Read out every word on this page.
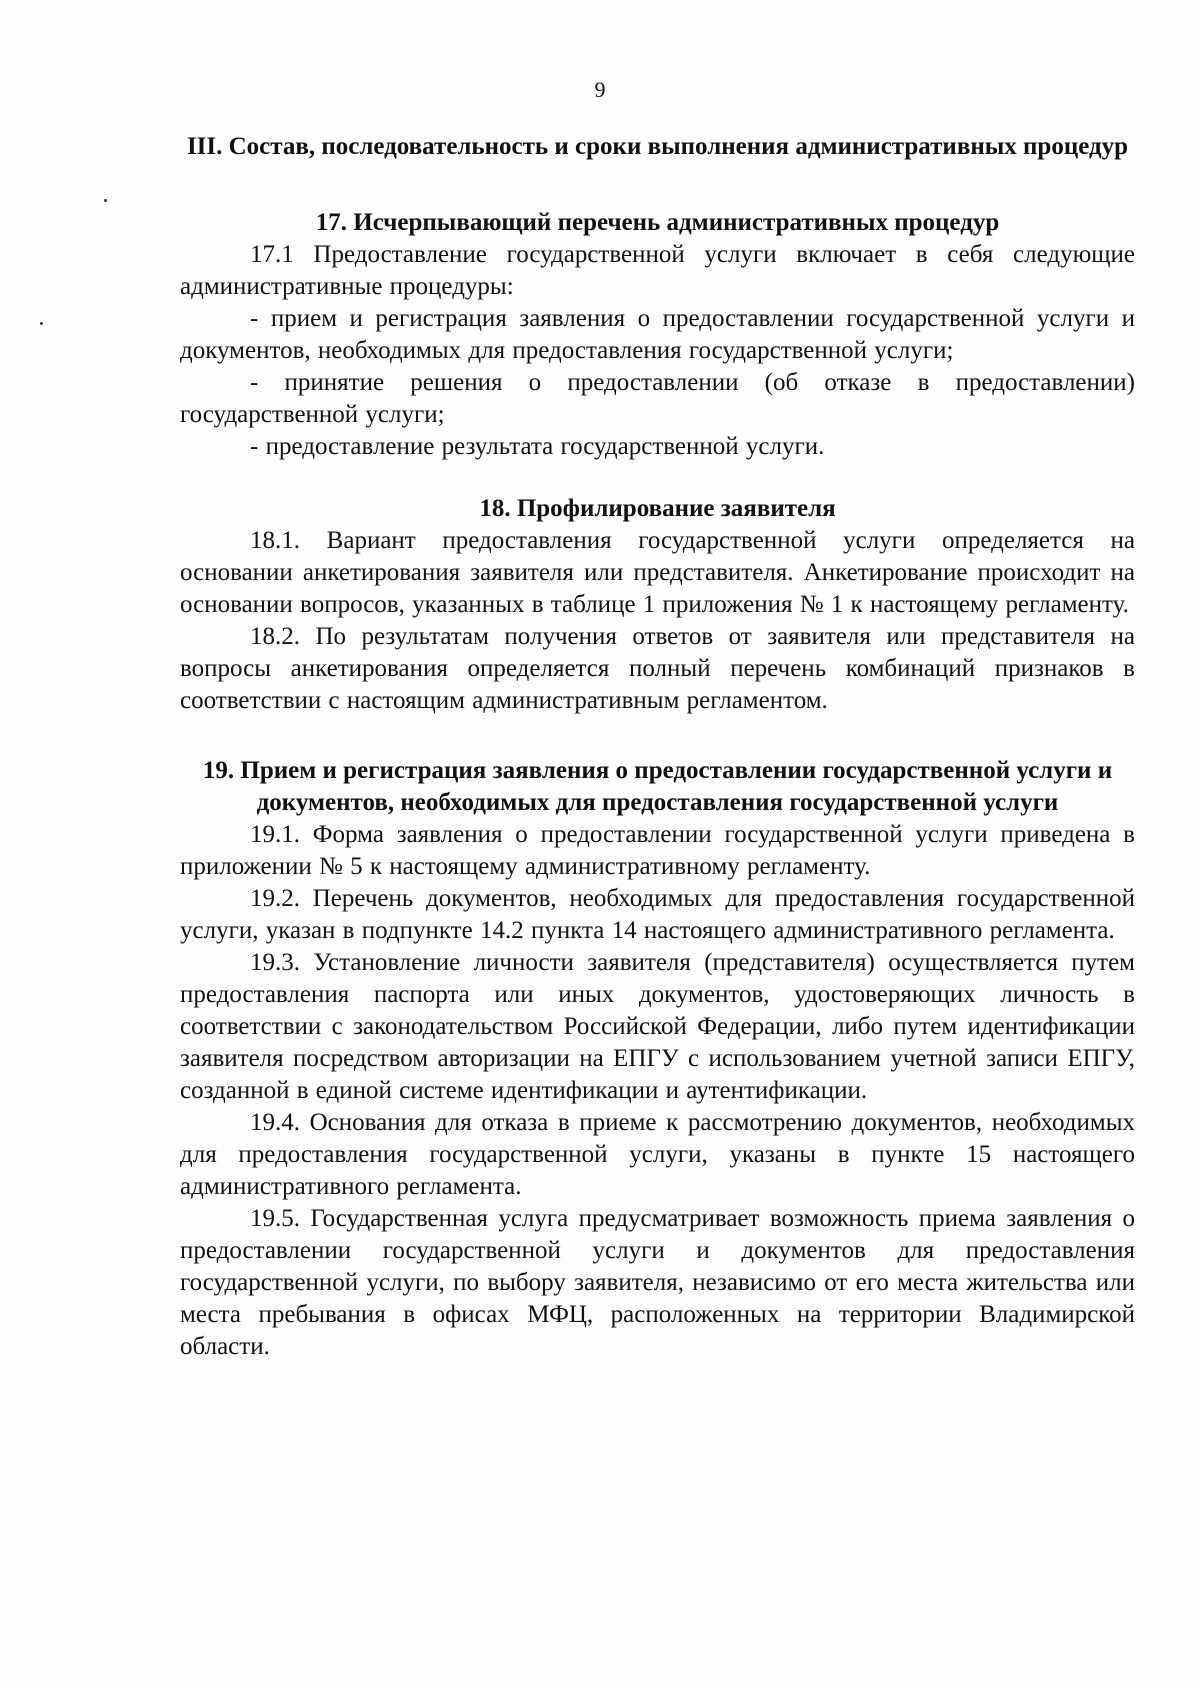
9
III. Состав, последовательность и сроки выполнения административных процедур
17. Исчерпывающий перечень административных процедур

17.1 Предоставление государственной услуги включает в себя следующие административные процедуры:

- прием и регистрация заявления о предоставлении государственной услуги и документов, необходимых для предоставления государственной услуги;

- принятие решения о предоставлении (об отказе в предоставлении) государственной услуги;

- предоставление результата государственной услуги.

18. Профилирование заявителя

18.1. Вариант предоставления государственной услуги определяется на основании анкетирования заявителя или представителя. Анкетирование происходит на основании вопросов, указанных в таблице 1 приложения № 1 к настоящему регламенту.

18.2. По результатам получения ответов от заявителя или представителя на вопросы анкетирования определяется полный перечень комбинаций признаков в соответствии с настоящим административным регламентом.

19. Прием и регистрация заявления о предоставлении государственной услуги и документов, необходимых для предоставления государственной услуги

19.1. Форма заявления о предоставлении государственной услуги приведена в приложении № 5 к настоящему административному регламенту.

19.2. Перечень документов, необходимых для предоставления государственной услуги, указан в подпункте 14.2 пункта 14 настоящего административного регламента.

19.3. Установление личности заявителя (представителя) осуществляется путем предоставления паспорта или иных документов, удостоверяющих личность в соответствии с законодательством Российской Федерации, либо путем идентификации заявителя посредством авторизации на ЕПГУ с использованием учетной записи ЕПГУ, созданной в единой системе идентификации и аутентификации.

19.4. Основания для отказа в приеме к рассмотрению документов, необходимых для предоставления государственной услуги, указаны в пункте 15 настоящего административного регламента.

19.5. Государственная услуга предусматривает возможность приема заявления о предоставлении государственной услуги и документов для предоставления государственной услуги, по выбору заявителя, независимо от его места жительства или места пребывания в офисах МФЦ, расположенных на территории Владимирской области.
